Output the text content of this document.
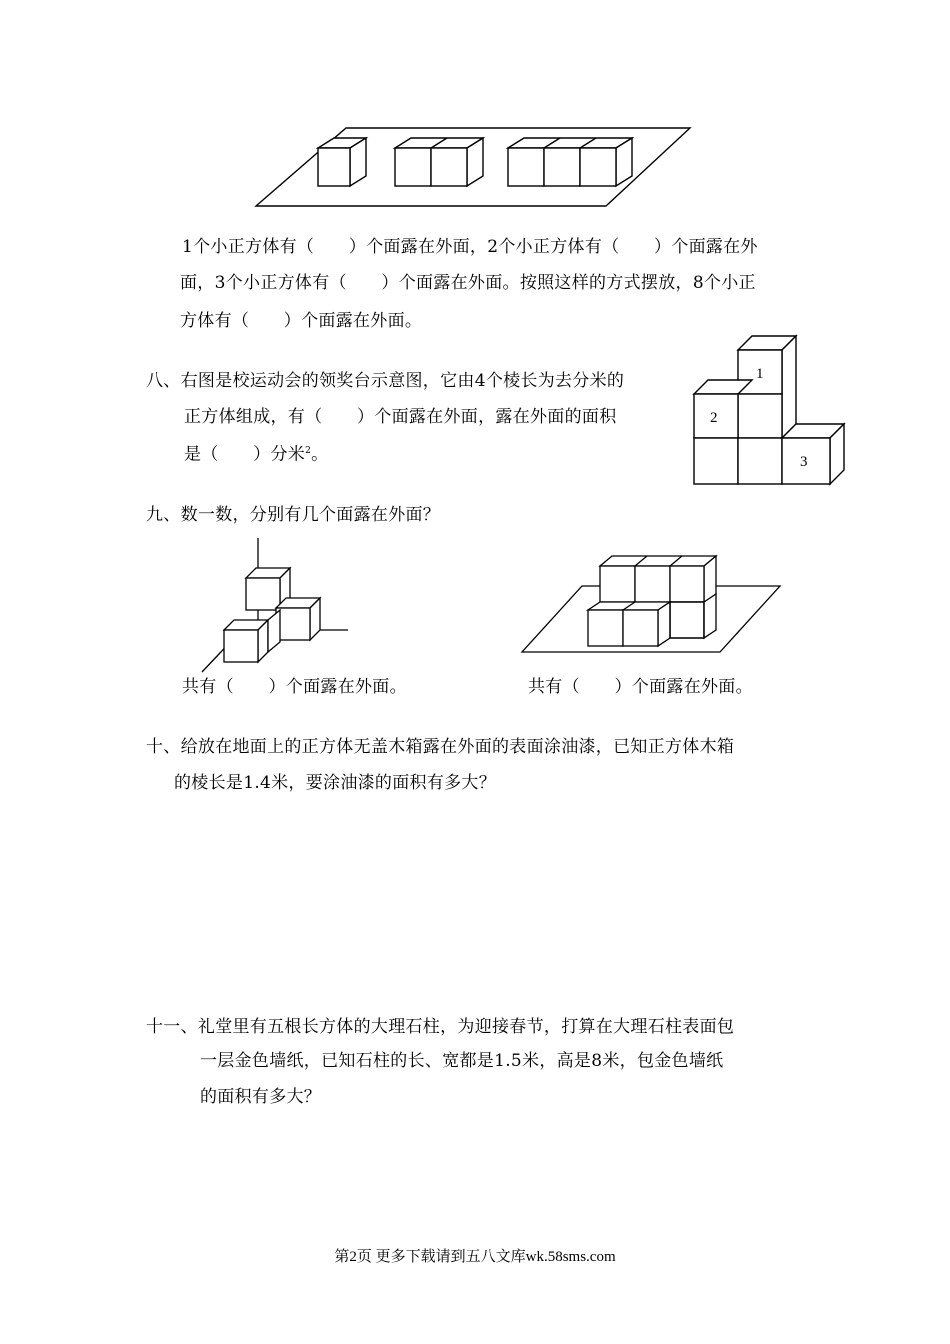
1个小正方体有（　　）个面露在外面，2个小正方体有（　　）个面露在外
面，3个小正方体有（　　）个面露在外面。按照这样的方式摆放，8个小正
方体有（　　）个面露在外面。
八、右图是校运动会的领奖台示意图，它由4个棱长为去分米的
正方体组成，有（　　）个面露在外面，露在外面的面积
是（　　）分米$^2$。
1
2
3
九、数一数，分别有几个面露在外面？
共有（　　）个面露在外面。	共有（　　）个面露在外面。
十、给放在地面上的正方体无盖木箱露在外面的表面涂油漆，已知正方体木箱
的棱长是1.4米，要涂油漆的面积有多大？
十一、礼堂里有五根长方体的大理石柱，为迎接春节，打算在大理石柱表面包
一层金色墙纸，已知石柱的长、宽都是1.5米，高是8米，包金色墙纸
的面积有多大？
第2页 更多下载请到五八文库wk.58sms.com
